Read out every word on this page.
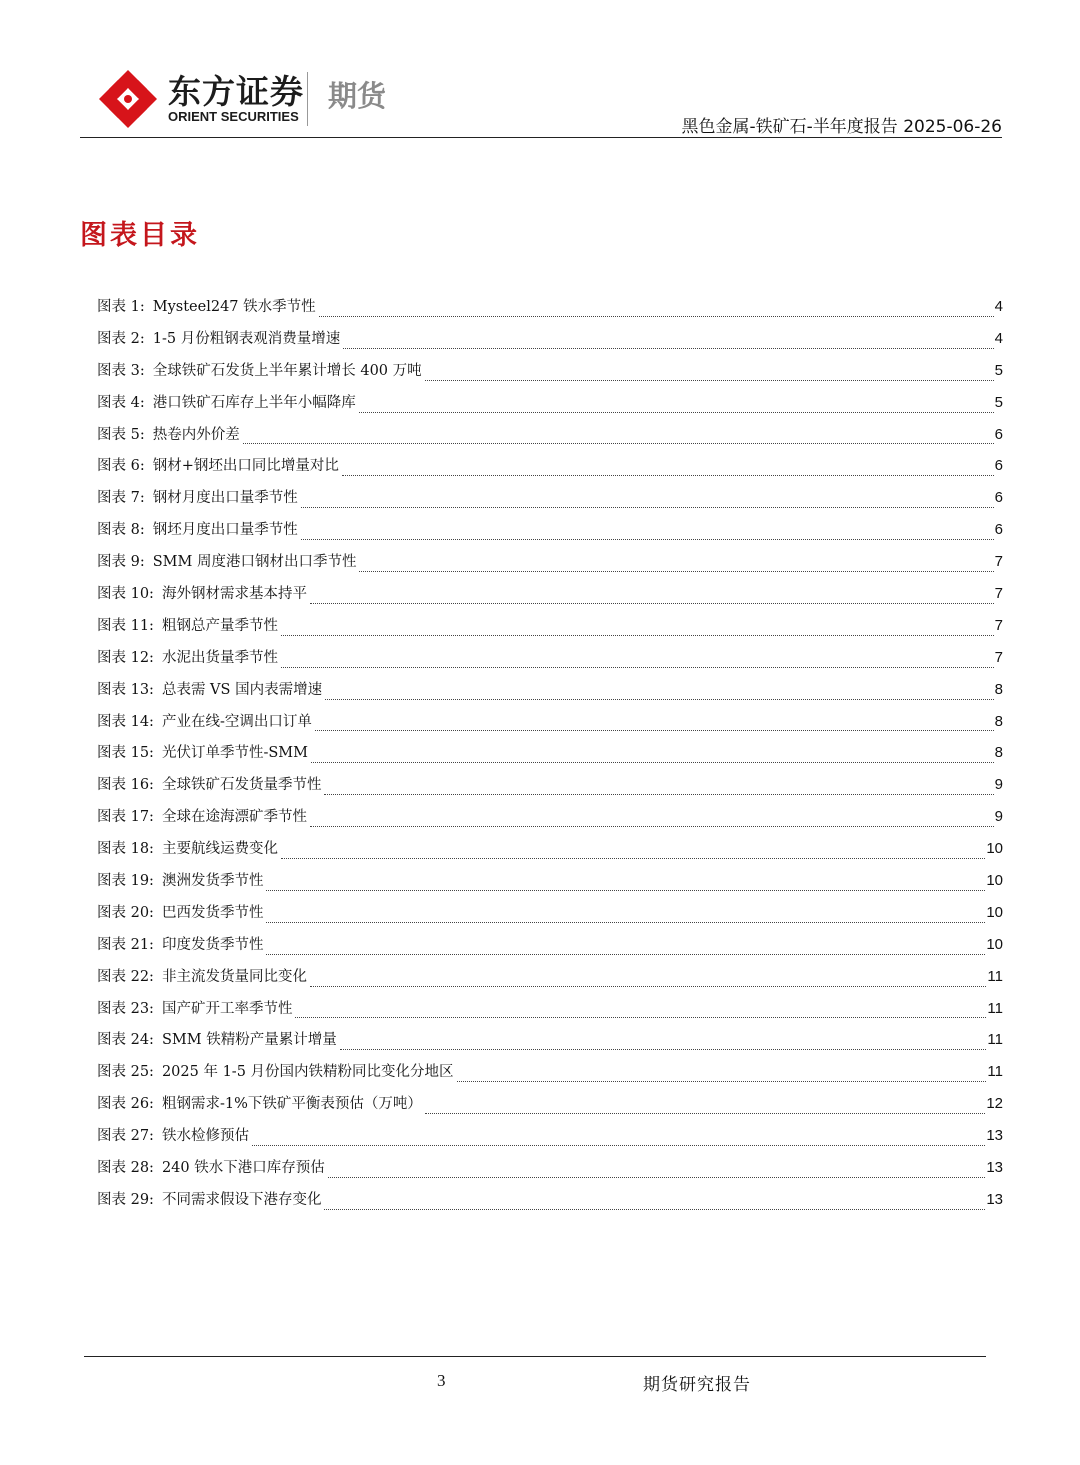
东方证券
ORIENT SECURITIES
期货
黑色金属-铁矿石-半年度报告 2025-06-26
图表目录
图表 1: Mysteel247 铁水季节性	4
图表 2: 1-5 月份粗钢表观消费量增速	4
图表 3: 全球铁矿石发货上半年累计增长 400 万吨	5
图表 4: 港口铁矿石库存上半年小幅降库	5
图表 5: 热卷内外价差	6
图表 6: 钢材+钢坯出口同比增量对比	6
图表 7: 钢材月度出口量季节性	6
图表 8: 钢坯月度出口量季节性	6
图表 9: SMM 周度港口钢材出口季节性	7
图表 10: 海外钢材需求基本持平	7
图表 11: 粗钢总产量季节性	7
图表 12: 水泥出货量季节性	7
图表 13: 总表需 VS 国内表需增速	8
图表 14: 产业在线-空调出口订单	8
图表 15: 光伏订单季节性-SMM	8
图表 16: 全球铁矿石发货量季节性	9
图表 17: 全球在途海漂矿季节性	9
图表 18: 主要航线运费变化	10
图表 19: 澳洲发货季节性	10
图表 20: 巴西发货季节性	10
图表 21: 印度发货季节性	10
图表 22: 非主流发货量同比变化	11
图表 23: 国产矿开工率季节性	11
图表 24: SMM 铁精粉产量累计增量	11
图表 25: 2025 年 1-5 月份国内铁精粉同比变化分地区	11
图表 26: 粗钢需求-1%下铁矿平衡表预估（万吨）	12
图表 27: 铁水检修预估	13
图表 28: 240 铁水下港口库存预估	13
图表 29: 不同需求假设下港存变化	13
3	期货研究报告
